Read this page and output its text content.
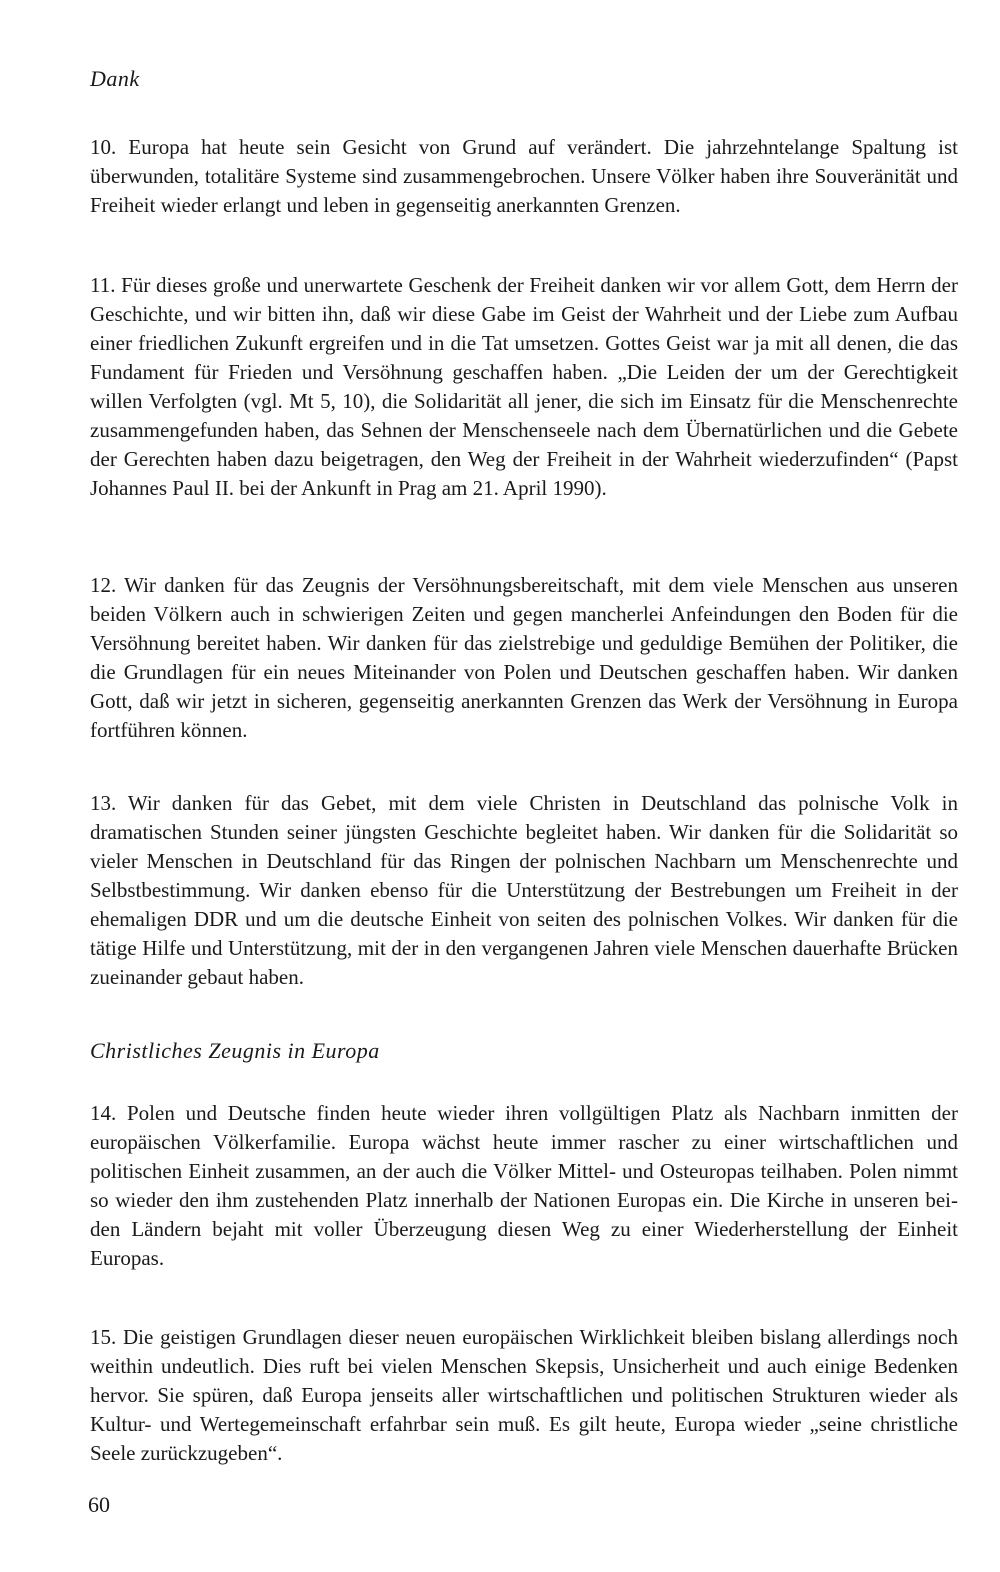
Dank

10. Europa hat heute sein Gesicht von Grund auf verändert. Die jahrzehntelange Spaltung ist überwunden, totalitäre Systeme sind zusammengebrochen. Unsere Völker haben ihre Souveränität und Freiheit wieder erlangt und leben in gegenseitig anerkannten Grenzen.

11. Für dieses große und unerwartete Geschenk der Freiheit danken wir vor allem Gott, dem Herrn der Geschichte, und wir bitten ihn, daß wir diese Gabe im Geist der Wahrheit und der Liebe zum Aufbau einer friedlichen Zukunft ergreifen und in die Tat umsetzen. Gottes Geist war ja mit all denen, die das Fundament für Frieden und Versöhnung geschaffen haben. „Die Leiden der um der Gerechtigkeit willen Verfolgten (vgl. Mt 5, 10), die Solidarität all jener, die sich im Einsatz für die Menschenrechte zusammengefunden haben, das Sehnen der Menschenseele nach dem Übernatürlichen und die Gebete der Gerechten haben dazu beigetragen, den Weg der Freiheit in der Wahrheit wiederzufinden“ (Papst Johannes Paul II. bei der Ankunft in Prag am 21. April 1990).

12. Wir danken für das Zeugnis der Versöhnungsbereitschaft, mit dem viele Menschen aus unseren beiden Völkern auch in schwierigen Zeiten und gegen mancherlei Anfeindungen den Boden für die Versöhnung bereitet haben. Wir danken für das zielstrebige und geduldige Bemühen der Politiker, die die Grundlagen für ein neues Miteinander von Polen und Deutschen geschaffen haben. Wir danken Gott, daß wir jetzt in sicheren, gegenseitig anerkannten Grenzen das Werk der Versöhnung in Europa fortführen können.

13. Wir danken für das Gebet, mit dem viele Christen in Deutschland das polnische Volk in dramatischen Stunden seiner jüngsten Geschichte begleitet haben. Wir danken für die Solidarität so vieler Menschen in Deutschland für das Ringen der polnischen Nachbarn um Menschenrechte und Selbstbestimmung. Wir danken ebenso für die Unterstützung der Bestrebungen um Freiheit in der ehemaligen DDR und um die deutsche Einheit von seiten des polnischen Volkes. Wir danken für die tätige Hilfe und Unterstützung, mit der in den vergangenen Jahren viele Menschen dauerhafte Brücken zueinander gebaut haben.

Christliches Zeugnis in Europa

14. Polen und Deutsche finden heute wieder ihren vollgültigen Platz als Nachbarn inmitten der europäischen Völkerfamilie. Europa wächst heute immer rascher zu einer wirtschaftlichen und politischen Einheit zusammen, an der auch die Völker Mittel- und Osteuropas teilhaben. Polen nimmt so wieder den ihm zustehenden Platz innerhalb der Nationen Europas ein. Die Kirche in unseren beiden Ländern bejaht mit voller Überzeugung diesen Weg zu einer Wiederherstellung der Einheit Europas.

15. Die geistigen Grundlagen dieser neuen europäischen Wirklichkeit bleiben bislang allerdings noch weithin undeutlich. Dies ruft bei vielen Menschen Skepsis, Unsicherheit und auch einige Bedenken hervor. Sie spüren, daß Europa jenseits aller wirtschaftlichen und politischen Strukturen wieder als Kultur- und Wertegemeinschaft erfahrbar sein muß. Es gilt heute, Europa wieder „seine christliche Seele zurückzugeben“.

60
